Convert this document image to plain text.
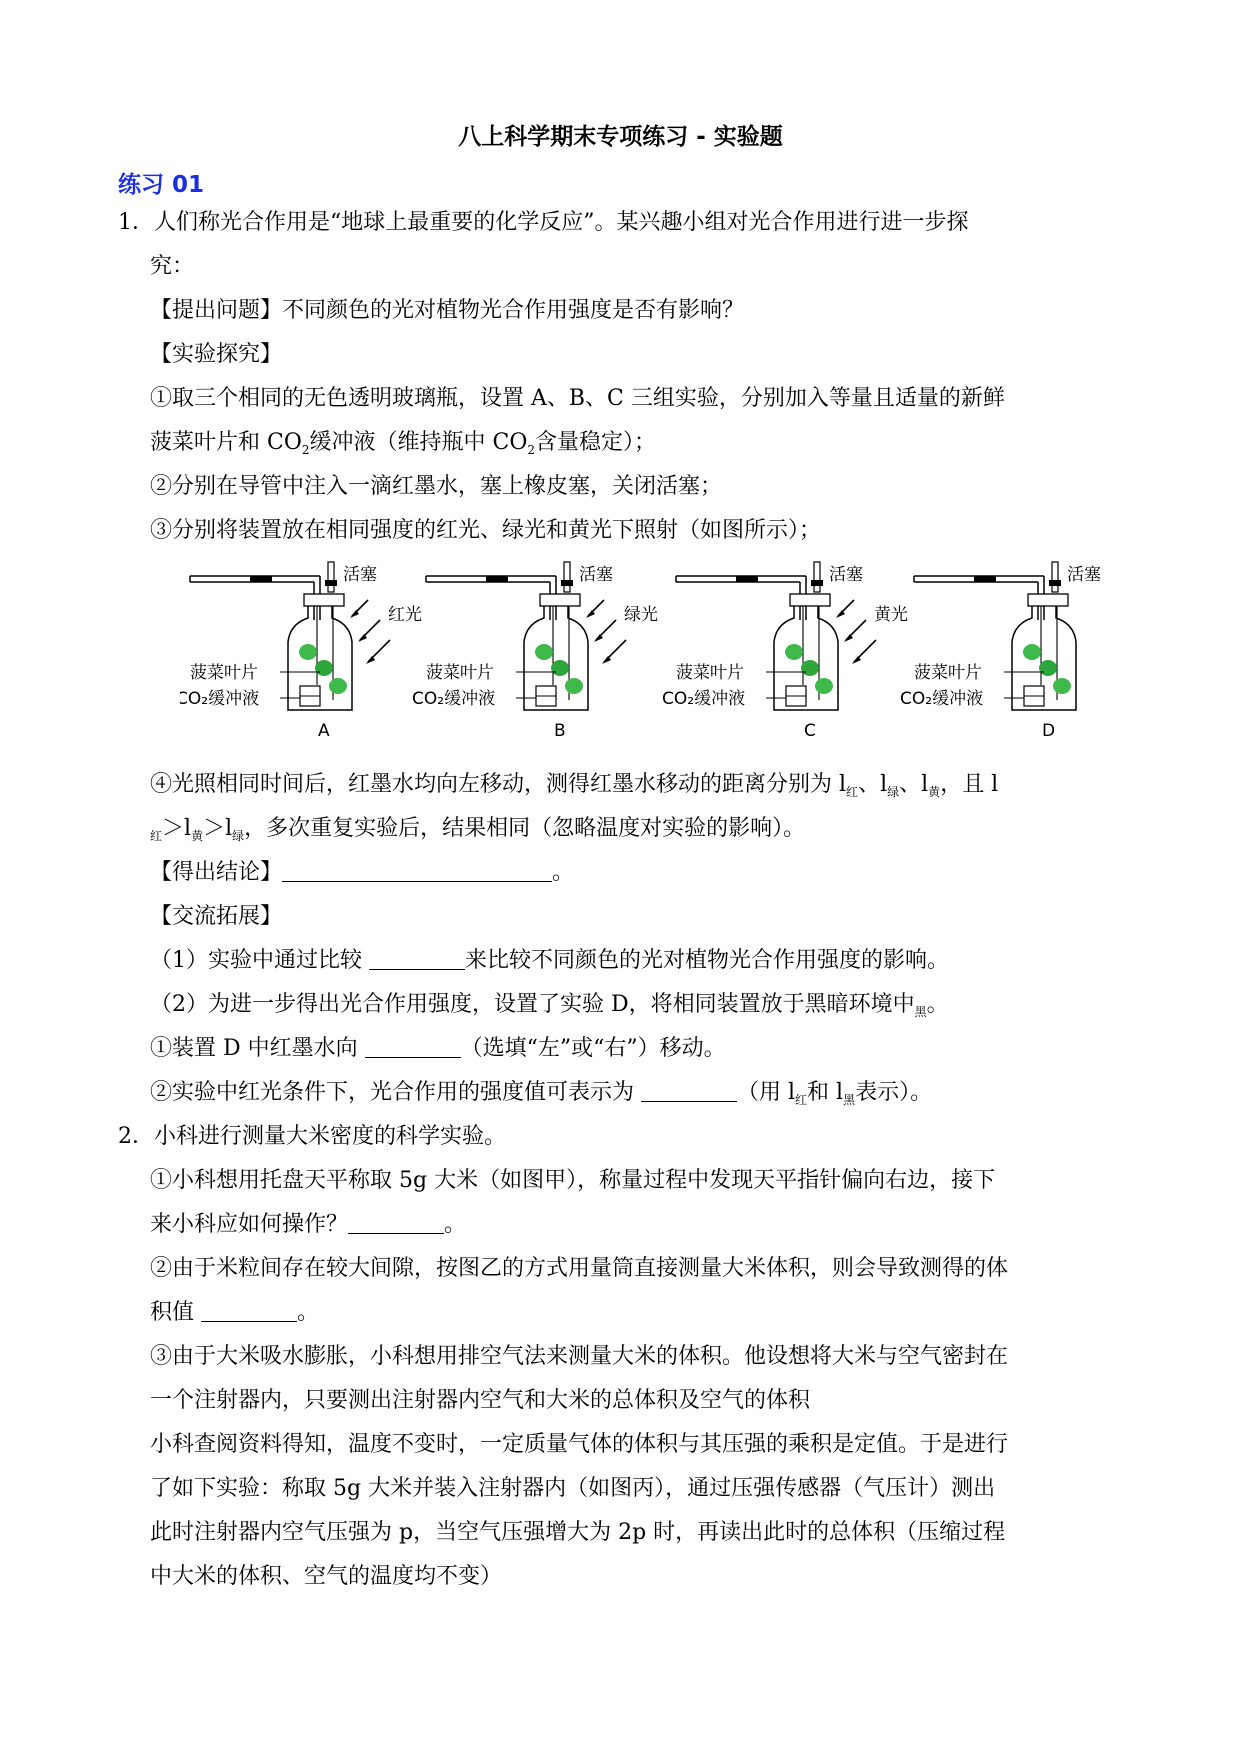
八上科学期末专项练习 - 实验题
练习 01
1．人们称光合作用是“地球上最重要的化学反应”。某兴趣小组对光合作用进行进一步探
究：
【提出问题】不同颜色的光对植物光合作用强度是否有影响？
【实验探究】
①取三个相同的无色透明玻璃瓶，设置 A、B、C 三组实验，分别加入等量且适量的新鲜
菠菜叶片和 $CO_2$缓冲液（维持瓶中 $CO_2$含量稳定）；
②分别在导管中注入一滴红墨水，塞上橡皮塞，关闭活塞；
③分别将装置放在相同强度的红光、绿光和黄光下照射（如图所示）；
活塞
红光
菠菜叶片
CO₂缓冲液
A
活塞
绿光
菠菜叶片
CO₂缓冲液
B
活塞
黄光
菠菜叶片
CO₂缓冲液
C
活塞
菠菜叶片
CO₂缓冲液
D
④光照相同时间后，红墨水均向左移动，测得红墨水移动的距离分别为 $l_红$、$l_绿$、$l_黄$，且 l
$_红>l_黄>l_绿$，多次重复实验后，结果相同（忽略温度对实验的影响）。
【得出结论】	。
【交流拓展】
（1）实验中通过比较	来比较不同颜色的光对植物光合作用强度的影响。
（2）为进一步得出光合作用强度，设置了实验 D，将相同装置放于黑暗环境中$_黑$。
①装置 D 中红墨水向	（选填“左”或“右”）移动。
②实验中红光条件下，光合作用的强度值可表示为	（用 $l_红$和 $l_黑$表示）。
2．小科进行测量大米密度的科学实验。
①小科想用托盘天平称取 5g 大米（如图甲），称量过程中发现天平指针偏向右边，接下
来小科应如何操作？	。
②由于米粒间存在较大间隙，按图乙的方式用量筒直接测量大米体积，则会导致测得的体
积值	。
③由于大米吸水膨胀，小科想用排空气法来测量大米的体积。他设想将大米与空气密封在
一个注射器内，只要测出注射器内空气和大米的总体积及空气的体积
小科查阅资料得知，温度不变时，一定质量气体的体积与其压强的乘积是定值。于是进行
了如下实验：称取 5g 大米并装入注射器内（如图丙），通过压强传感器（气压计）测出
此时注射器内空气压强为 p，当空气压强增大为 2p 时，再读出此时的总体积（压缩过程
中大米的体积、空气的温度均不变）
